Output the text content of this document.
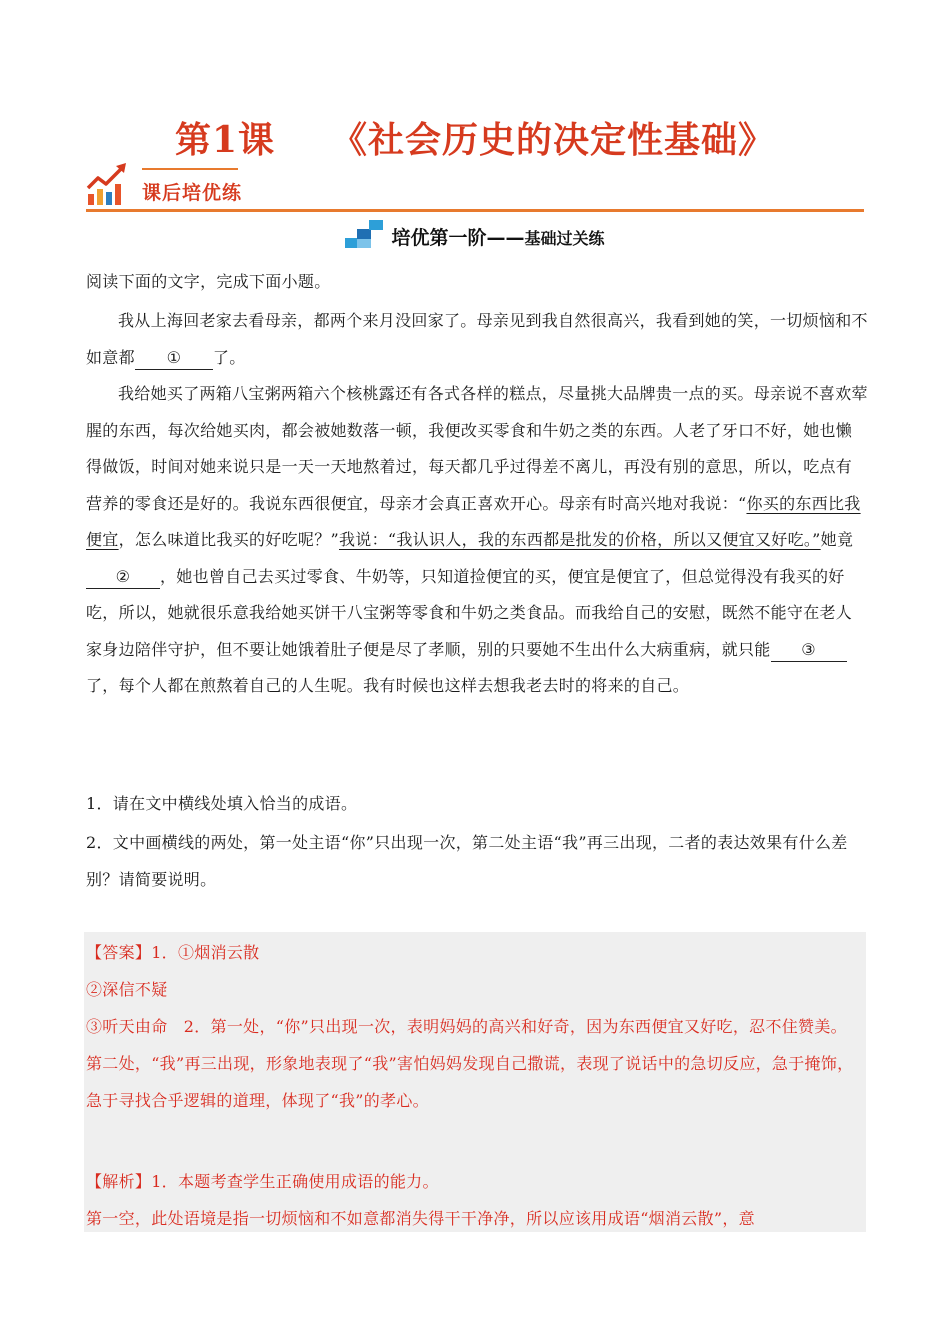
第1课 《社会历史的决定性基础》
课后培优练
培优第一阶——基础过关练

阅读下面的文字，完成下面小题。

我从上海回老家去看母亲，都两个来月没回家了。母亲见到我自然很高兴，我看到她的笑，一切烦恼和不如意都 ① 了。

我给她买了两箱八宝粥两箱六个核桃露还有各式各样的糕点，尽量挑大品牌贵一点的买。母亲说不喜欢荤腥的东西，每次给她买肉，都会被她数落一顿，我便改买零食和牛奶之类的东西。人老了牙口不好，她也懒得做饭，时间对她来说只是一天一天地熬着过，每天都几乎过得差不离儿，再没有别的意思，所以，吃点有营养的零食还是好的。我说东西很便宜，母亲才会真正喜欢开心。母亲有时高兴地对我说：“你买的东西比我便宜，怎么味道比我买的好吃呢？”我说：“我认识人，我的东西都是批发的价格，所以又便宜又好吃。”她竟② ，她也曾自己去买过零食、牛奶等，只知道捡便宜的买，便宜是便宜了，但总觉得没有我买的好吃，所以，她就很乐意我给她买饼干八宝粥等零食和牛奶之类食品。而我给自己的安慰，既然不能守在老人家身边陪伴守护，但不要让她饿着肚子便是尽了孝顺，别的只要她不生出什么大病重病，就只能 ③了，每个人都在煎熬着自己的人生呢。我有时候也这样去想我老去时的将来的自己。

1．请在文中横线处填入恰当的成语。

2．文中画横线的两处，第一处主语“你”只出现一次，第二处主语“我”再三出现，二者的表达效果有什么差别？请简要说明。

【答案】1．①烟消云散

②深信不疑

③听天由命　2．第一处，“你”只出现一次，表明妈妈的高兴和好奇，因为东西便宜又好吃，忍不住赞美。第二处，“我”再三出现，形象地表现了“我”害怕妈妈发现自己撒谎，表现了说话中的急切反应，急于掩饰，急于寻找合乎逻辑的道理，体现了“我”的孝心。

【解析】1．本题考查学生正确使用成语的能力。

第一空，此处语境是指一切烦恼和不如意都消失得干干净净，所以应该用成语“烟消云散”，意
